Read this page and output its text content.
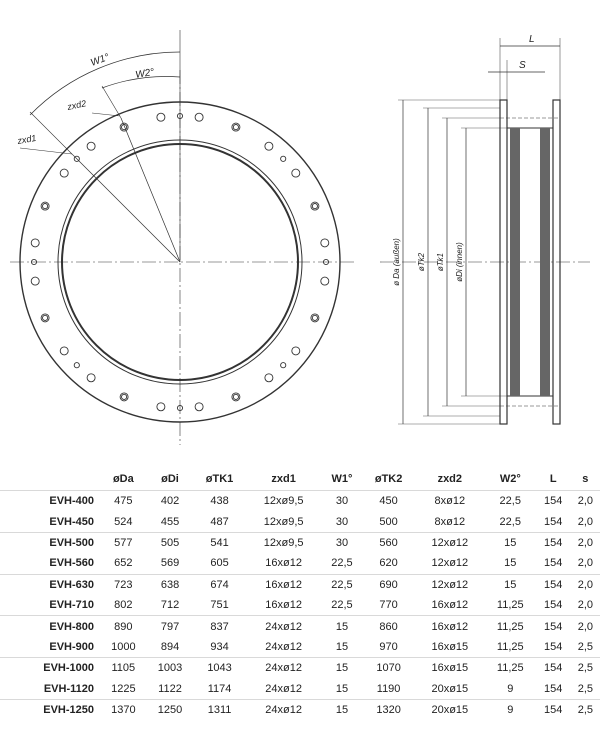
W1°
W2°
zxd2
zxd1
L
S
ø Da (außen) øTk2 øTk1 øDi (innen)
	øDa	øDi	øTK1	zxd1	W1°	øTK2	zxd2	W2°	L	s
EVH-400	475	402	438	12xø9,5	30	450	8xø12	22,5	154	2,0
EVH-450	524	455	487	12xø9,5	30	500	8xø12	22,5	154	2,0
EVH-500	577	505	541	12xø9,5	30	560	12xø12	15	154	2,0
EVH-560	652	569	605	16xø12	22,5	620	12xø12	15	154	2,0
EVH-630	723	638	674	16xø12	22,5	690	12xø12	15	154	2,0
EVH-710	802	712	751	16xø12	22,5	770	16xø12	11,25	154	2,0
EVH-800	890	797	837	24xø12	15	860	16xø12	11,25	154	2,0
EVH-900	1000	894	934	24xø12	15	970	16xø15	11,25	154	2,5
EVH-1000	1105	1003	1043	24xø12	15	1070	16xø15	11,25	154	2,5
EVH-1120	1225	1122	1174	24xø12	15	1190	20xø15	9	154	2,5
EVH-1250	1370	1250	1311	24xø12	15	1320	20xø15	9	154	2,5
